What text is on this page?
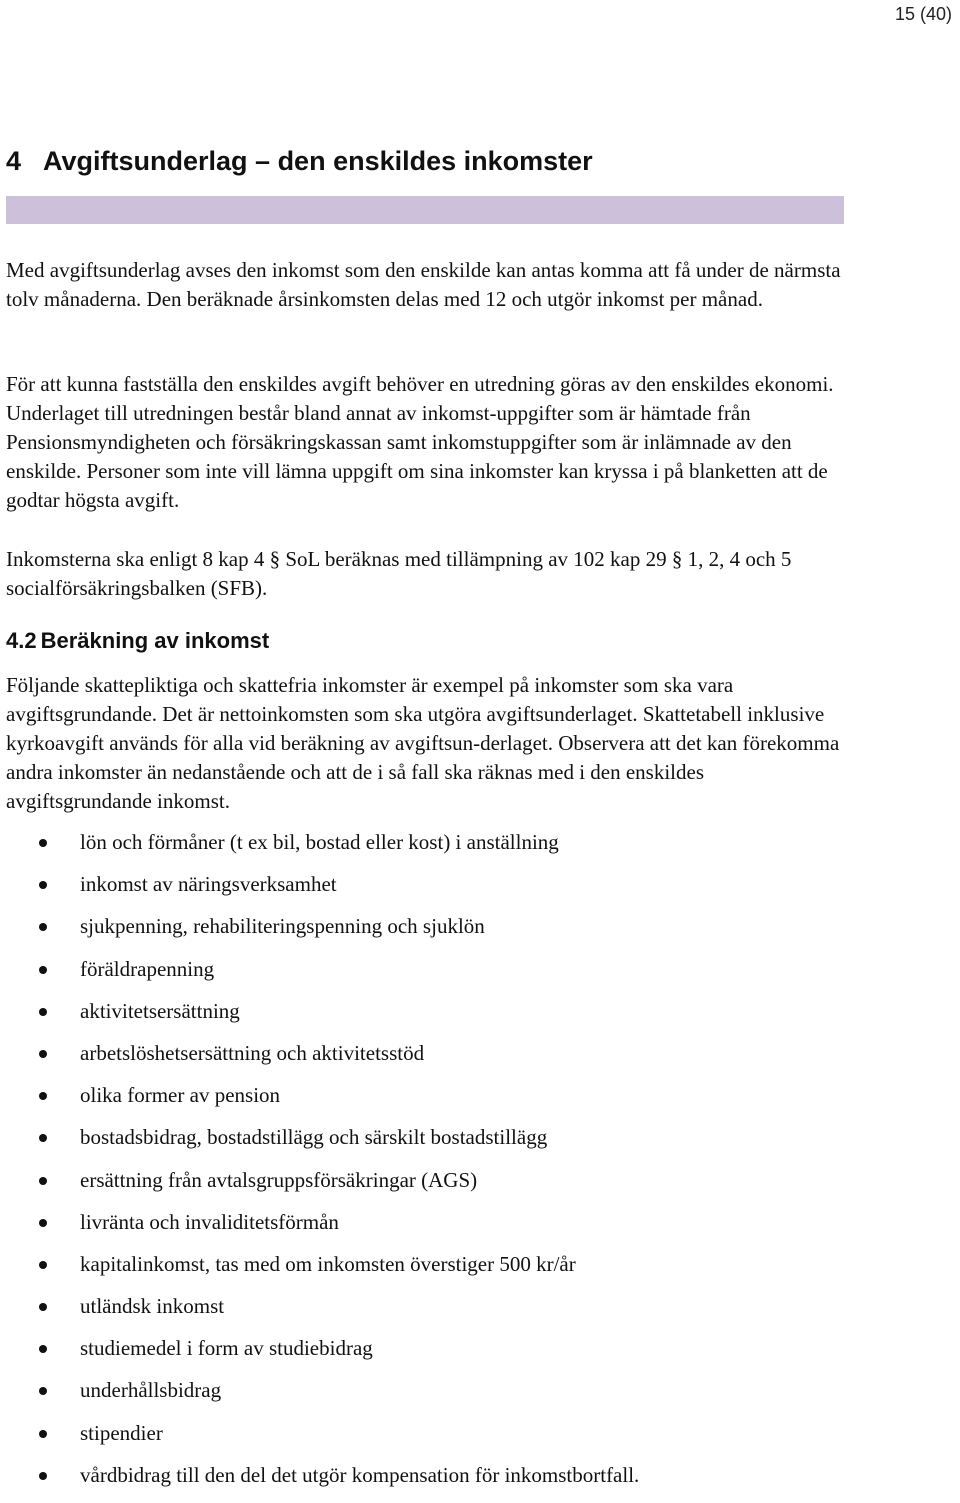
15 (40)
4 Avgiftsunderlag – den enskildes inkomster

Med avgiftsunderlag avses den inkomst som den enskilde kan antas komma att få under de närmsta tolv månaderna. Den beräknade årsinkomsten delas med 12 och utgör inkomst per månad.

För att kunna fastställa den enskildes avgift behöver en utredning göras av den enskildes ekonomi. Underlaget till utredningen består bland annat av inkomst-uppgifter som är hämtade från Pensionsmyndigheten och försäkringskassan samt inkomstuppgifter som är inlämnade av den enskilde. Personer som inte vill lämna uppgift om sina inkomster kan kryssa i på blanketten att de godtar högsta avgift.

Inkomsterna ska enligt 8 kap 4 § SoL beräknas med tillämpning av 102 kap 29 § 1, 2, 4 och 5 socialförsäkringsbalken (SFB).

4.2 Beräkning av inkomst

Följande skattepliktiga och skattefria inkomster är exempel på inkomster som ska vara avgiftsgrundande. Det är nettoinkomsten som ska utgöra avgiftsunderlaget. Skattetabell inklusive kyrkoavgift används för alla vid beräkning av avgiftsun-derlaget. Observera att det kan förekomma andra inkomster än nedanstående och att de i så fall ska räknas med i den enskildes avgiftsgrundande inkomst.

lön och förmåner (t ex bil, bostad eller kost) i anställning
inkomst av näringsverksamhet
sjukpenning, rehabiliteringspenning och sjuklön
föräldrapenning
aktivitetsersättning
arbetslöshetsersättning och aktivitetsstöd
olika former av pension
bostadsbidrag, bostadstillägg och särskilt bostadstillägg
ersättning från avtalsgruppsförsäkringar (AGS)
livränta och invaliditetsförmån
kapitalinkomst, tas med om inkomsten överstiger 500 kr/år
utländsk inkomst
studiemedel i form av studiebidrag
underhållsbidrag
stipendier
vårdbidrag till den del det utgör kompensation för inkomstbortfall.
